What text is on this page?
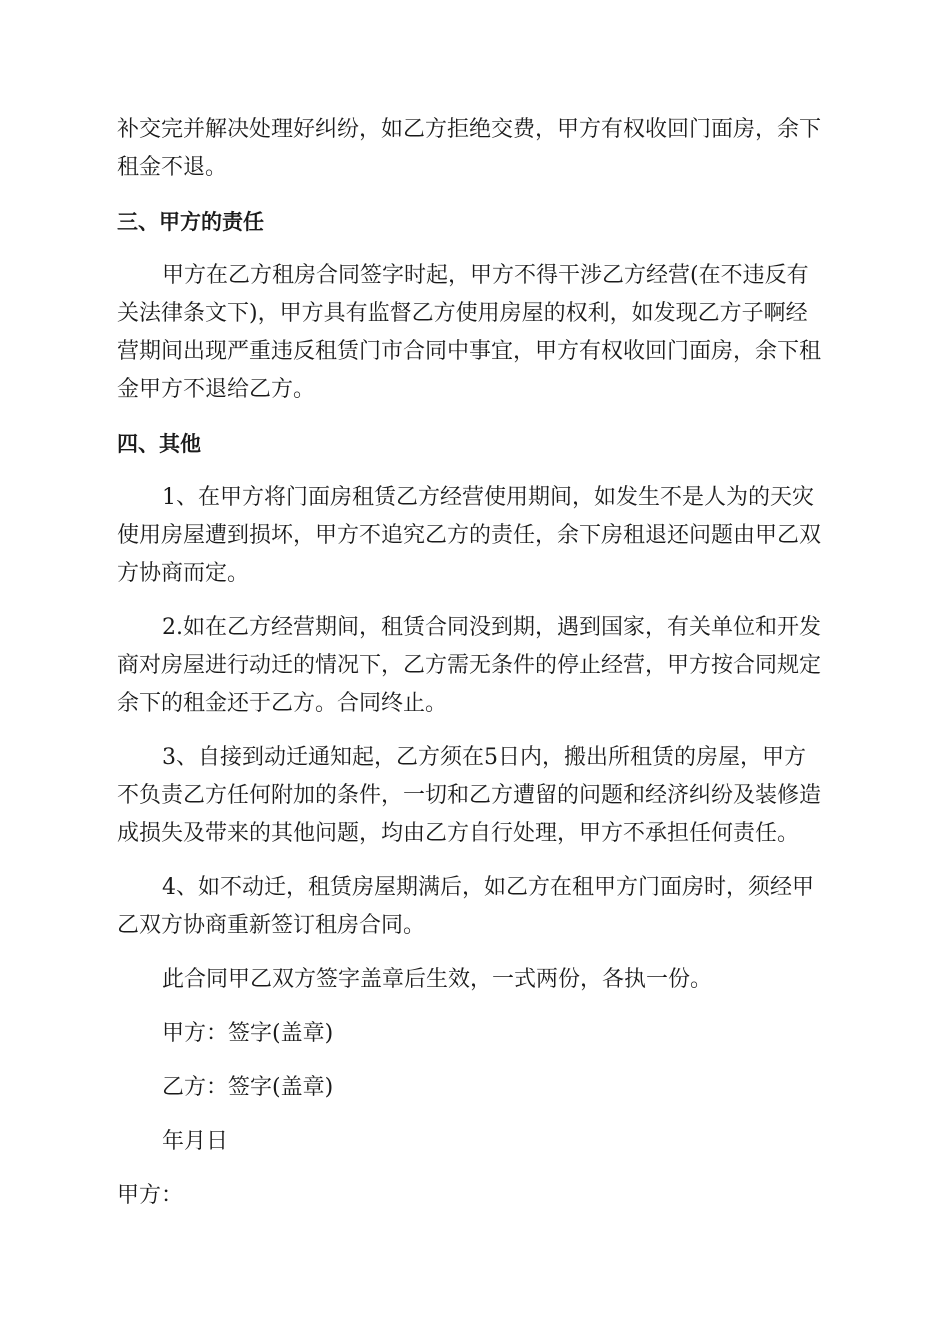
补交完并解决处理好纠纷，如乙方拒绝交费，甲方有权收回门面房，余下
租金不退。
三、甲方的责任
甲方在乙方租房合同签字时起，甲方不得干涉乙方经营(在不违反有
关法律条文下)，甲方具有监督乙方使用房屋的权利，如发现乙方子啊经
营期间出现严重违反租赁门市合同中事宜，甲方有权收回门面房，余下租
金甲方不退给乙方。
四、其他
1、在甲方将门面房租赁乙方经营使用期间，如发生不是人为的天灾
使用房屋遭到损坏，甲方不追究乙方的责任，余下房租退还问题由甲乙双
方协商而定。
2.如在乙方经营期间，租赁合同没到期，遇到国家，有关单位和开发
商对房屋进行动迁的情况下，乙方需无条件的停止经营，甲方按合同规定
余下的租金还于乙方。合同终止。
3、自接到动迁通知起，乙方须在5日内，搬出所租赁的房屋，甲方
不负责乙方任何附加的条件，一切和乙方遭留的问题和经济纠纷及装修造
成损失及带来的其他问题，均由乙方自行处理，甲方不承担任何责任。
4、如不动迁，租赁房屋期满后，如乙方在租甲方门面房时，须经甲
乙双方协商重新签订租房合同。
此合同甲乙双方签字盖章后生效，一式两份，各执一份。
甲方：签字(盖章)
乙方：签字(盖章)
年月日
甲方：
